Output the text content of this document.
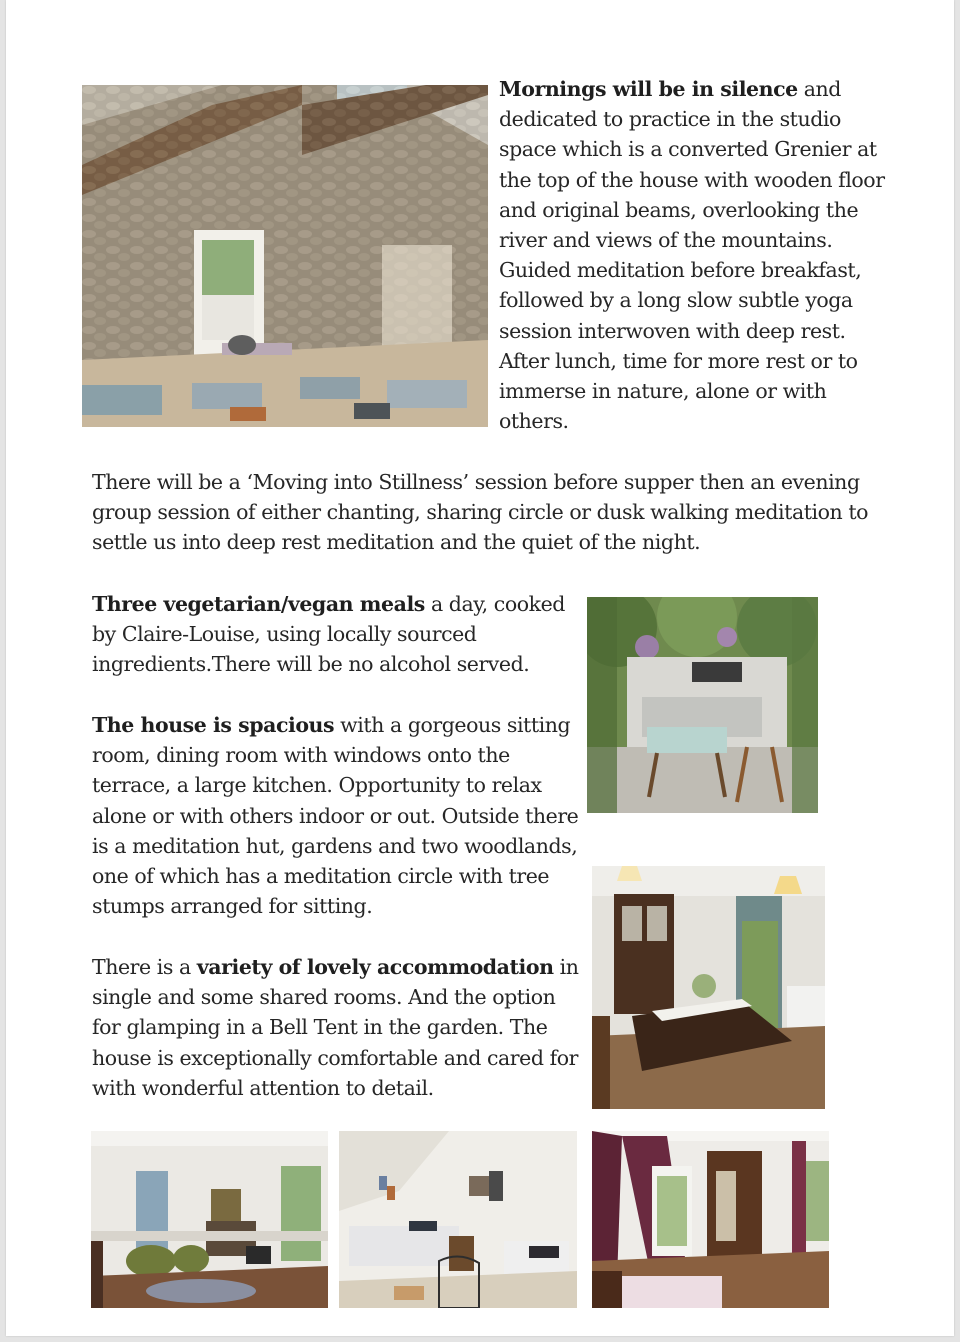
Mornings will be in silence and dedicated to practice in the studio space which is a converted Grenier at the top of the house with wooden floor and original beams, overlooking the river and views of the mountains. Guided meditation before breakfast, followed by a long slow subtle yoga session interwoven with deep rest. After lunch, time for more rest or to immerse in nature, alone or with others.

There will be a ‘Moving into Stillness’ session before supper then an evening group session of either chanting, sharing circle or dusk walking meditation to settle us into deep rest meditation and the quiet of the night.

Three vegetarian/vegan meals a day, cooked by Claire-Louise, using locally sourced ingredients.There will be no alcohol served.

The house is spacious with a gorgeous sitting room, dining room with windows onto the terrace, a large kitchen. Opportunity to relax alone or with others indoor or out. Outside there is a meditation hut, gardens and two woodlands, one of which has a meditation circle with tree stumps arranged for sitting.

There is a variety of lovely accommodation in single and some shared rooms. And the option for glamping in a Bell Tent in the garden. The house is exceptionally comfortable and cared for with wonderful attention to detail.
